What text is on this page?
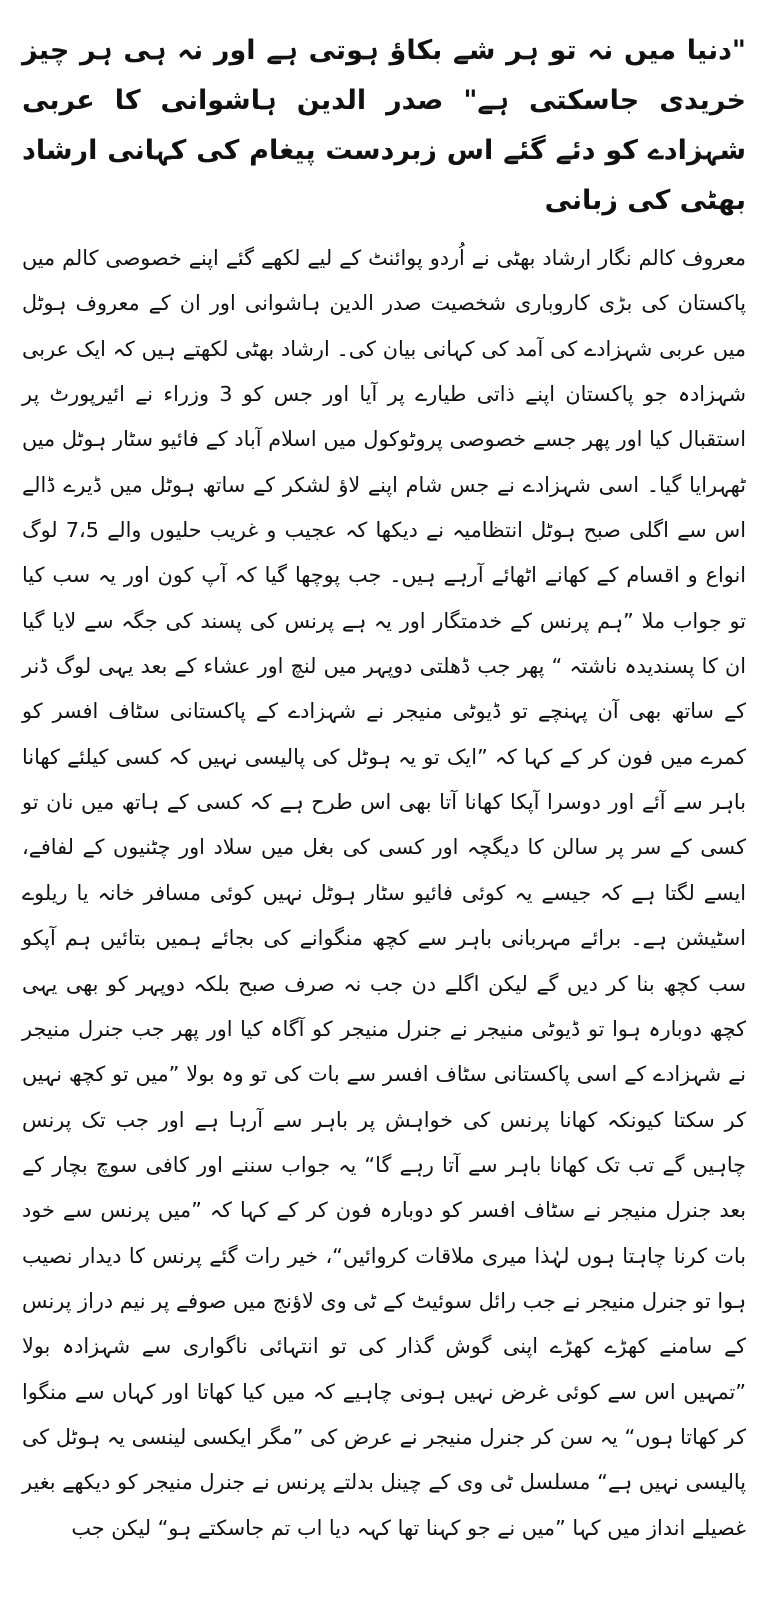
"دنیا میں نہ تو ہر شے بکاؤ ہوتی ہے اور نہ ہی ہر چیز خریدی جاسکتی ہے" صدر الدین ہاشوانی کا عربی شہزادے کو دئے گئے اس زبردست پیغام کی کہانی ارشاد بھٹی کی زبانی

معروف کالم نگار ارشاد بھٹی نے اُردو پوائنٹ کے لیے لکھے گئے اپنے خصوصی کالم میں پاکستان کی بڑی کاروباری شخصیت صدر الدین ہاشوانی اور ان کے معروف ہوٹل میں عربی شہزادے کی آمد کی کہانی بیان کی۔ ارشاد بھٹی لکھتے ہیں کہ ایک عربی شہزادہ جو پاکستان اپنے ذاتی طیارے پر آیا اور جس کو 3 وزراء نے ائیرپورٹ پر استقبال کیا اور پھر جسے خصوصی پروٹوکول میں اسلام آباد کے فائیو سٹار ہوٹل میں ٹھہرایا گیا۔ اسی شہزادے نے جس شام اپنے لاؤ لشکر کے ساتھ ہوٹل میں ڈیرے ڈالے اس سے اگلی صبح ہوٹل انتظامیہ نے دیکھا کہ عجیب و غریب حلیوں والے 7،5 لوگ انواع و اقسام کے کھانے اٹھائے آرہے ہیں۔ جب پوچھا گیا کہ آپ کون اور یہ سب کیا تو جواب ملا ”ہم پرنس کے خدمتگار اور یہ ہے پرنس کی پسند کی جگہ سے لایا گیا ان کا پسندیدہ ناشتہ “ پھر جب ڈھلتی دوپہر میں لنچ اور عشاء کے بعد یہی لوگ ڈنر کے ساتھ بھی آن پہنچے تو ڈیوٹی منیجر نے شہزادے کے پاکستانی سٹاف افسر کو کمرے میں فون کر کے کہا کہ ”ایک تو یہ ہوٹل کی پالیسی نہیں کہ کسی کیلئے کھانا باہر سے آئے اور دوسرا آپکا کھانا آتا بھی اس طرح ہے کہ کسی کے ہاتھ میں نان تو کسی کے سر پر سالن کا دیگچہ اور کسی کی بغل میں سلاد اور چٹنیوں کے لفافے، ایسے لگتا ہے کہ جیسے یہ کوئی فائیو سٹار ہوٹل نہیں کوئی مسافر خانہ یا ریلوے اسٹیشن ہے۔ برائے مہربانی باہر سے کچھ منگوانے کی بجائے ہمیں بتائیں ہم آپکو سب کچھ بنا کر دیں گے لیکن اگلے دن جب نہ صرف صبح بلکہ دوپہر کو بھی یہی کچھ دوبارہ ہوا تو ڈیوٹی منیجر نے جنرل منیجر کو آگاہ کیا اور پھر جب جنرل منیجر نے شہزادے کے اسی پاکستانی سٹاف افسر سے بات کی تو وہ بولا ”میں تو کچھ نہیں کر سکتا کیونکہ کھانا پرنس کی خواہش پر باہر سے آرہا ہے اور جب تک پرنس چاہیں گے تب تک کھانا باہر سے آتا رہے گا“ یہ جواب سننے اور کافی سوچ بچار کے بعد جنرل منیجر نے سٹاف افسر کو دوبارہ فون کر کے کہا کہ ”میں پرنس سے خود بات کرنا چاہتا ہوں لہٰذا میری ملاقات کروائیں“، خیر رات گئے پرنس کا دیدار نصیب ہوا تو جنرل منیجر نے جب رائل سوئیٹ کے ٹی وی لاؤنج میں صوفے پر نیم دراز پرنس کے سامنے کھڑے کھڑے اپنی گوش گذار کی تو انتہائی ناگواری سے شہزادہ بولا ”تمہیں اس سے کوئی غرض نہیں ہونی چاہیے کہ میں کیا کھاتا اور کہاں سے منگوا کر کھاتا ہوں“ یہ سن کر جنرل منیجر نے عرض کی ”مگر ایکسی لینسی یہ ہوٹل کی پالیسی نہیں ہے“ مسلسل ٹی وی کے چینل بدلتے پرنس نے جنرل منیجر کو دیکھے بغیر غصیلے انداز میں کہا ”میں نے جو کہنا تھا کہہ دیا اب تم جاسکتے ہو“ لیکن جب
